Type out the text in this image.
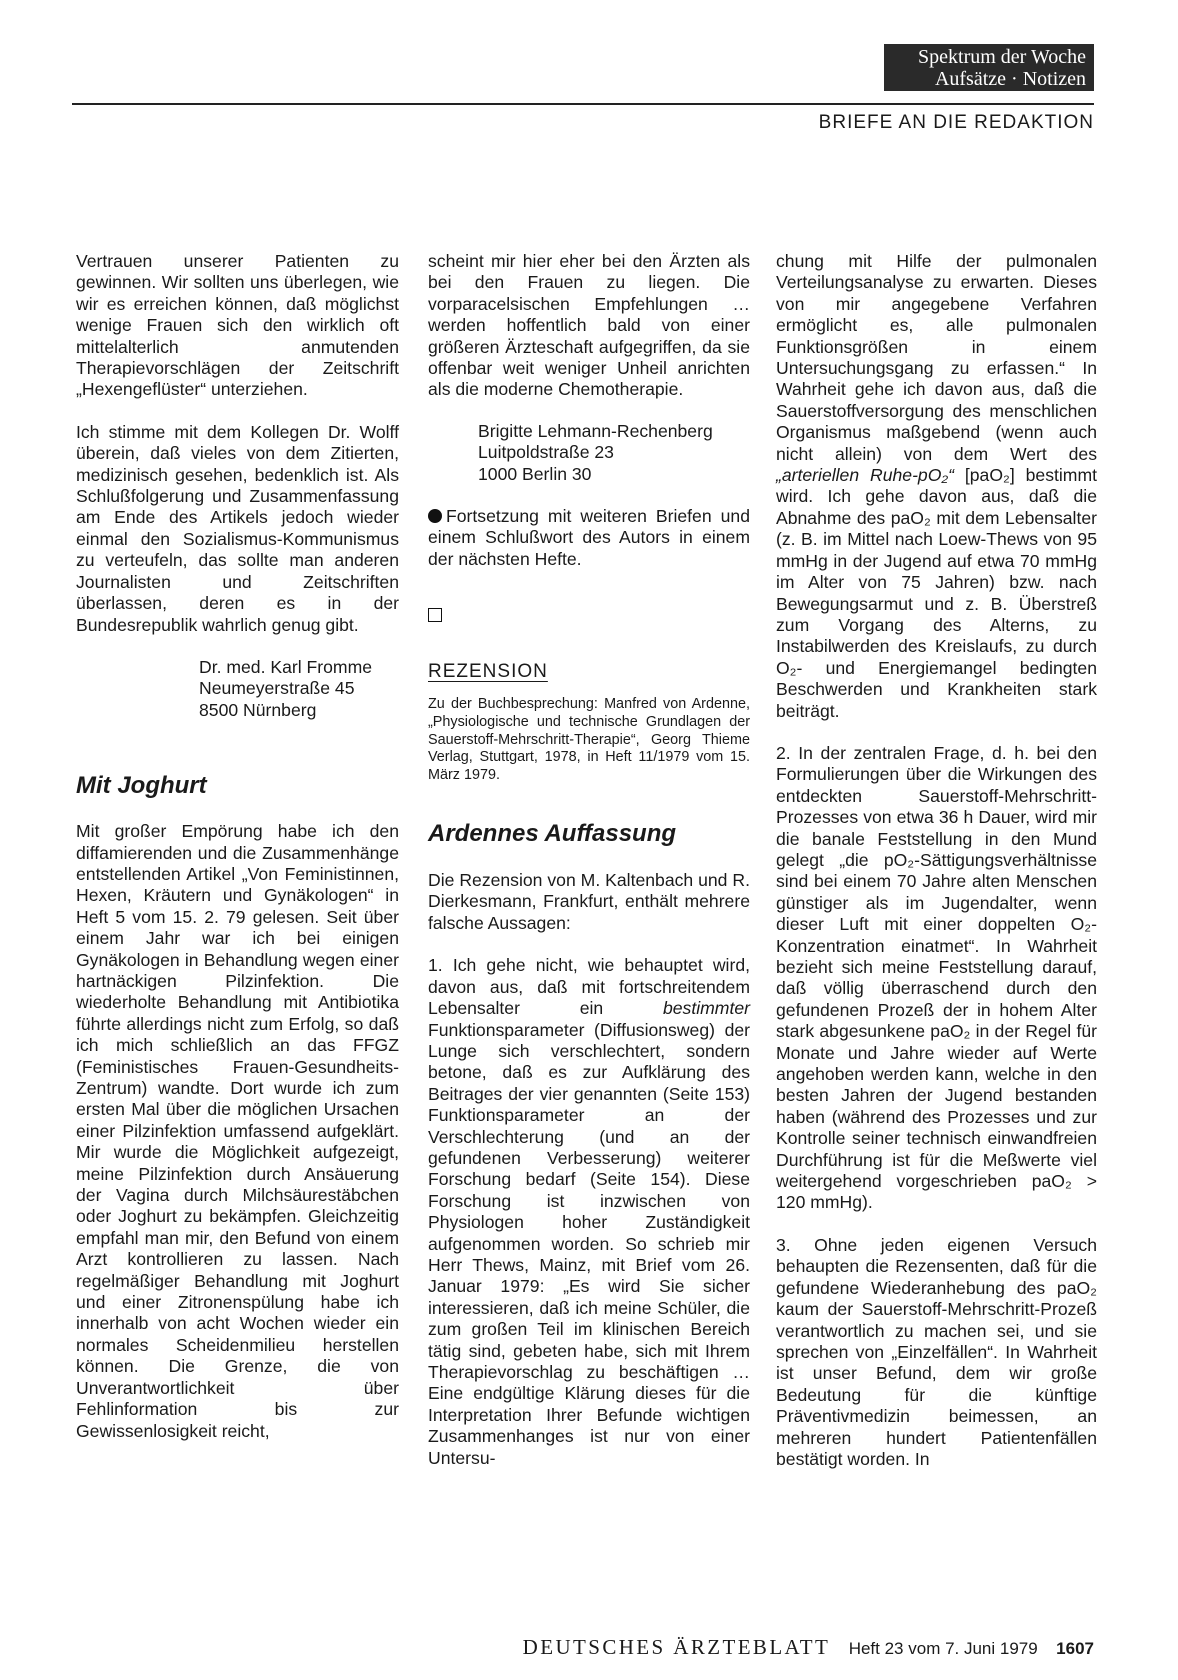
Spektrum der Woche
Aufsätze · Notizen
BRIEFE AN DIE REDAKTION

Vertrauen unserer Patienten zu gewinnen. Wir sollten uns überlegen, wie wir es erreichen können, daß möglichst wenige Frauen sich den wirklich oft mittelalterlich anmutenden Therapievorschlägen der Zeitschrift „Hexengeflüster“ unterziehen.

Ich stimme mit dem Kollegen Dr. Wolff überein, daß vieles von dem Zitierten, medizinisch gesehen, bedenklich ist. Als Schlußfolgerung und Zusammenfassung am Ende des Artikels jedoch wieder einmal den Sozialismus-Kommunismus zu verteufeln, das sollte man anderen Journalisten und Zeitschriften überlassen, deren es in der Bundesrepublik wahrlich genug gibt.

Dr. med. Karl Fromme

Neumeyerstraße 45

8500 Nürnberg

Mit Joghurt

Mit großer Empörung habe ich den diffamierenden und die Zusammenhänge entstellenden Artikel „Von Feministinnen, Hexen, Kräutern und Gynäkologen“ in Heft 5 vom 15. 2. 79 gelesen. Seit über einem Jahr war ich bei einigen Gynäkologen in Behandlung wegen einer hartnäckigen Pilzinfektion. Die wiederholte Behandlung mit Antibiotika führte allerdings nicht zum Erfolg, so daß ich mich schließlich an das FFGZ (Feministisches Frauen-Gesundheits-Zentrum) wandte. Dort wurde ich zum ersten Mal über die möglichen Ursachen einer Pilzinfektion umfassend aufgeklärt. Mir wurde die Möglichkeit aufgezeigt, meine Pilzinfektion durch Ansäuerung der Vagina durch Milchsäurestäbchen oder Joghurt zu bekämpfen. Gleichzeitig empfahl man mir, den Befund von einem Arzt kontrollieren zu lassen. Nach regelmäßiger Behandlung mit Joghurt und einer Zitronenspülung habe ich innerhalb von acht Wochen wieder ein normales Scheidenmilieu herstellen können. Die Grenze, die von Unverantwortlichkeit über Fehlinformation bis zur Gewissenlosigkeit reicht,

scheint mir hier eher bei den Ärzten als bei den Frauen zu liegen. Die vorparacelsischen Empfehlungen … werden hoffentlich bald von einer größeren Ärzteschaft aufgegriffen, da sie offenbar weit weniger Unheil anrichten als die moderne Chemotherapie.

Brigitte Lehmann-Rechenberg

Luitpoldstraße 23

1000 Berlin 30

Fortsetzung mit weiteren Briefen und einem Schlußwort des Autors in einem der nächsten Hefte.

REZENSION

Zu der Buchbesprechung: Manfred von Ardenne, „Physiologische und technische Grundlagen der Sauerstoff-Mehrschritt-Therapie“, Georg Thieme Verlag, Stuttgart, 1978, in Heft 11/1979 vom 15. März 1979.

Ardennes Auffassung

Die Rezension von M. Kaltenbach und R. Dierkesmann, Frankfurt, enthält mehrere falsche Aussagen:

1. Ich gehe nicht, wie behauptet wird, davon aus, daß mit fortschreitendem Lebensalter ein bestimmter Funktionsparameter (Diffusionsweg) der Lunge sich verschlechtert, sondern betone, daß es zur Aufklärung des Beitrages der vier genannten (Seite 153) Funktionsparameter an der Verschlechterung (und an der gefundenen Verbesserung) weiterer Forschung bedarf (Seite 154). Diese Forschung ist inzwischen von Physiologen hoher Zuständigkeit aufgenommen worden. So schrieb mir Herr Thews, Mainz, mit Brief vom 26. Januar 1979: „Es wird Sie sicher interessieren, daß ich meine Schüler, die zum großen Teil im klinischen Bereich tätig sind, gebeten habe, sich mit Ihrem Therapievorschlag zu beschäftigen … Eine endgültige Klärung dieses für die Interpretation Ihrer Befunde wichtigen Zusammenhanges ist nur von einer Untersu-

chung mit Hilfe der pulmonalen Verteilungsanalyse zu erwarten. Dieses von mir angegebene Verfahren ermöglicht es, alle pulmonalen Funktionsgrößen in einem Untersuchungsgang zu erfassen.“ In Wahrheit gehe ich davon aus, daß die Sauerstoffversorgung des menschlichen Organismus maßgebend (wenn auch nicht allein) von dem Wert des „arteriellen Ruhe-pO₂“ [paO₂] bestimmt wird. Ich gehe davon aus, daß die Abnahme des paO₂ mit dem Lebensalter (z. B. im Mittel nach Loew-Thews von 95 mmHg in der Jugend auf etwa 70 mmHg im Alter von 75 Jahren) bzw. nach Bewegungsarmut und z. B. Überstreß zum Vorgang des Alterns, zu Instabilwerden des Kreislaufs, zu durch O₂- und Energiemangel bedingten Beschwerden und Krankheiten stark beiträgt.

2. In der zentralen Frage, d. h. bei den Formulierungen über die Wirkungen des entdeckten Sauerstoff-Mehrschritt-Prozesses von etwa 36 h Dauer, wird mir die banale Feststellung in den Mund gelegt „die pO₂-Sättigungsverhältnisse sind bei einem 70 Jahre alten Menschen günstiger als im Jugendalter, wenn dieser Luft mit einer doppelten O₂-Konzentration einatmet“. In Wahrheit bezieht sich meine Feststellung darauf, daß völlig überraschend durch den gefundenen Prozeß der in hohem Alter stark abgesunkene paO₂ in der Regel für Monate und Jahre wieder auf Werte angehoben werden kann, welche in den besten Jahren der Jugend bestanden haben (während des Prozesses und zur Kontrolle seiner technisch einwandfreien Durchführung ist für die Meßwerte viel weitergehend vorgeschrieben paO₂ > 120 mmHg).

3. Ohne jeden eigenen Versuch behaupten die Rezensenten, daß für die gefundene Wiederanhebung des paO₂ kaum der Sauerstoff-Mehrschritt-Prozeß verantwortlich zu machen sei, und sie sprechen von „Einzelfällen“. In Wahrheit ist unser Befund, dem wir große Bedeutung für die künftige Präventivmedizin beimessen, an mehreren hundert Patientenfällen bestätigt worden. In

DEUTSCHES ÄRZTEBLATT Heft 23 vom 7. Juni 1979 1607
